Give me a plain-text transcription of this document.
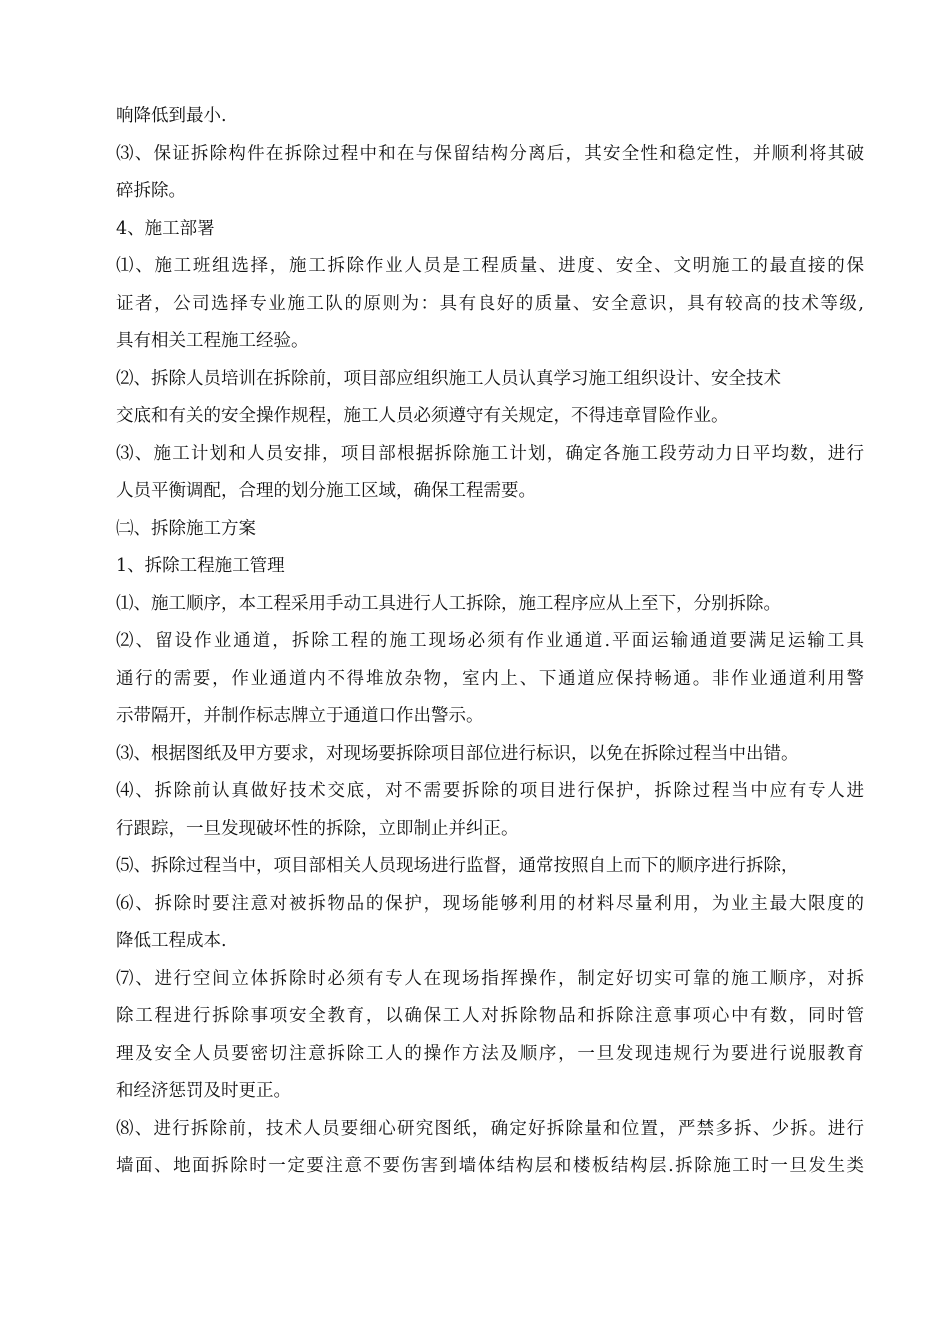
响降低到最小.
⑶、保证拆除构件在拆除过程中和在与保留结构分离后，其安全性和稳定性，并顺利将其破
碎拆除。
4、施工部署
⑴、施工班组选择，施工拆除作业人员是工程质量、进度、安全、文明施工的最直接的保
证者，公司选择专业施工队的原则为：具有良好的质量、安全意识，具有较高的技术等级,
具有相关工程施工经验。
⑵、拆除人员培训在拆除前，项目部应组织施工人员认真学习施工组织设计、安全技术
交底和有关的安全操作规程，施工人员必须遵守有关规定，不得违章冒险作业。
⑶、施工计划和人员安排，项目部根据拆除施工计划，确定各施工段劳动力日平均数，进行
人员平衡调配，合理的划分施工区域，确保工程需要。
㈡、拆除施工方案
1、拆除工程施工管理
⑴、施工顺序，本工程采用手动工具进行人工拆除，施工程序应从上至下，分别拆除。
⑵、留设作业通道，拆除工程的施工现场必须有作业通道.平面运输通道要满足运输工具
通行的需要，作业通道内不得堆放杂物，室内上、下通道应保持畅通。非作业通道利用警
示带隔开，并制作标志牌立于通道口作出警示。
⑶、根据图纸及甲方要求，对现场要拆除项目部位进行标识，以免在拆除过程当中出错。
⑷、拆除前认真做好技术交底，对不需要拆除的项目进行保护，拆除过程当中应有专人进
行跟踪，一旦发现破坏性的拆除，立即制止并纠正。
⑸、拆除过程当中，项目部相关人员现场进行监督，通常按照自上而下的顺序进行拆除，
⑹、拆除时要注意对被拆物品的保护，现场能够利用的材料尽量利用，为业主最大限度的
降低工程成本.
⑺、进行空间立体拆除时必须有专人在现场指挥操作，制定好切实可靠的施工顺序，对拆
除工程进行拆除事项安全教育，以确保工人对拆除物品和拆除注意事项心中有数，同时管
理及安全人员要密切注意拆除工人的操作方法及顺序，一旦发现违规行为要进行说服教育
和经济惩罚及时更正。
⑻、进行拆除前，技术人员要细心研究图纸，确定好拆除量和位置，严禁多拆、少拆。进行
墙面、地面拆除时一定要注意不要伤害到墙体结构层和楼板结构层.拆除施工时一旦发生类
